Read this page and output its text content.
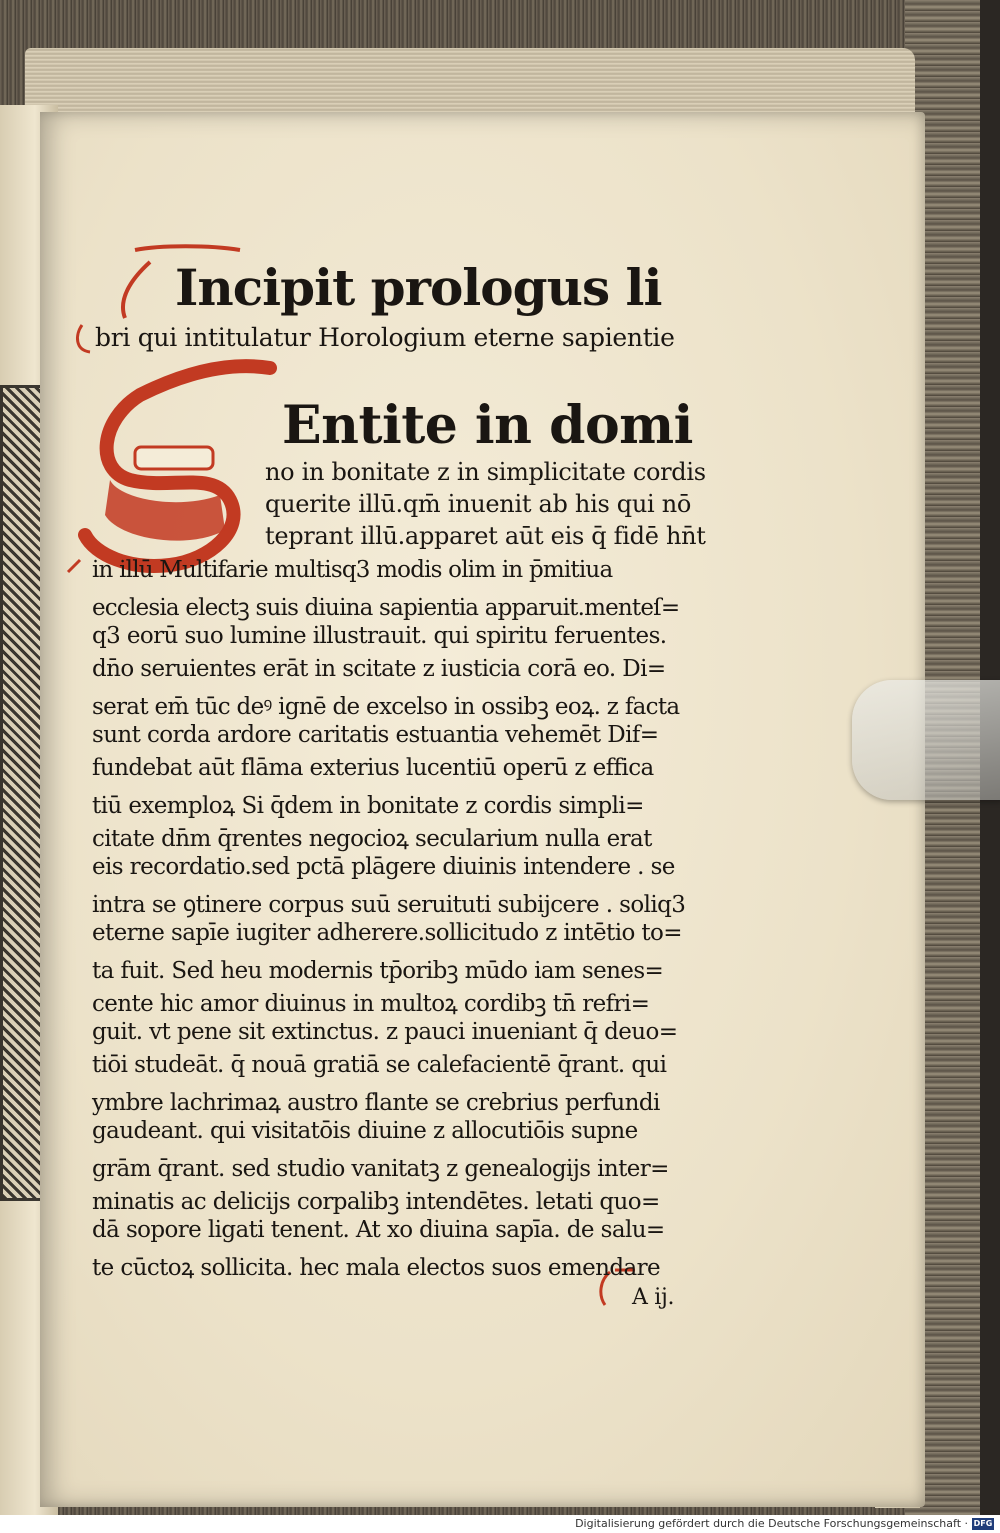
Incipit prologus li
bri qui intitulatur Horologium eterne sapientie
Entite in domi
no in bonitate z in simplicitate cordis
querite illū.qm̄ inuenit ab his qui nō
teprant illū.apparet aūt eis q̄ fidē hn̄t
in illū Multifarie multisq3 modis olim in p̄mitiua
ecclesia electꝫ suis diuina sapientia apparuit.menteſ=
q3 eorū suo lumine illustrauit. qui spiritu feruentes.
dn̄o seruientes erāt in scitate z iusticia corā eo. Di=
serat em̄ tūc deꝰ ignē de excelso in ossibꝫ eoꝝ. z facta
sunt corda ardore caritatis estuantia vehemēt Dif=
fundebat aūt flāma exterius lucentiū operū z effica
tiū exemploꝝ Si q̄dem in bonitate z cordis simpli=
citate dn̄m q̄rentes negocioꝝ secularium nulla erat
eis recordatio.sed pctā plāgere diuinis intendere . se
intra se ꝯtinere corpus suū seruituti subijcere . soliq3
eterne sapīe iugiter adherere.sollicitudo z intētio to=
ta fuit. Sed heu modernis tp̄oribꝫ mūdo iam senes=
cente hic amor diuinus in multoꝝ cordibꝫ tn̄ refri=
guit. vt pene sit extinctus. z pauci inueniant q̄ deuo=
tiōi studeāt. q̄ nouā gratiā se calefacientē q̄rant. qui
ymbre lachrimaꝝ austro flante se crebrius perfundi
gaudeant. qui visitatōis diuine z allocutiōis supne
grām q̄rant. sed studio vanitatꝫ z genealogijs inter=
minatis ac delicijs corpalibꝫ intendētes. letati quo=
dā sopore ligati tenent. At xo diuina sapīa. de salu=
te cūctoꝝ sollicita. hec mala electos suos emendare
A ij.
Digitalisierung gefördert durch die Deutsche Forschungsgemeinschaft · DFG
